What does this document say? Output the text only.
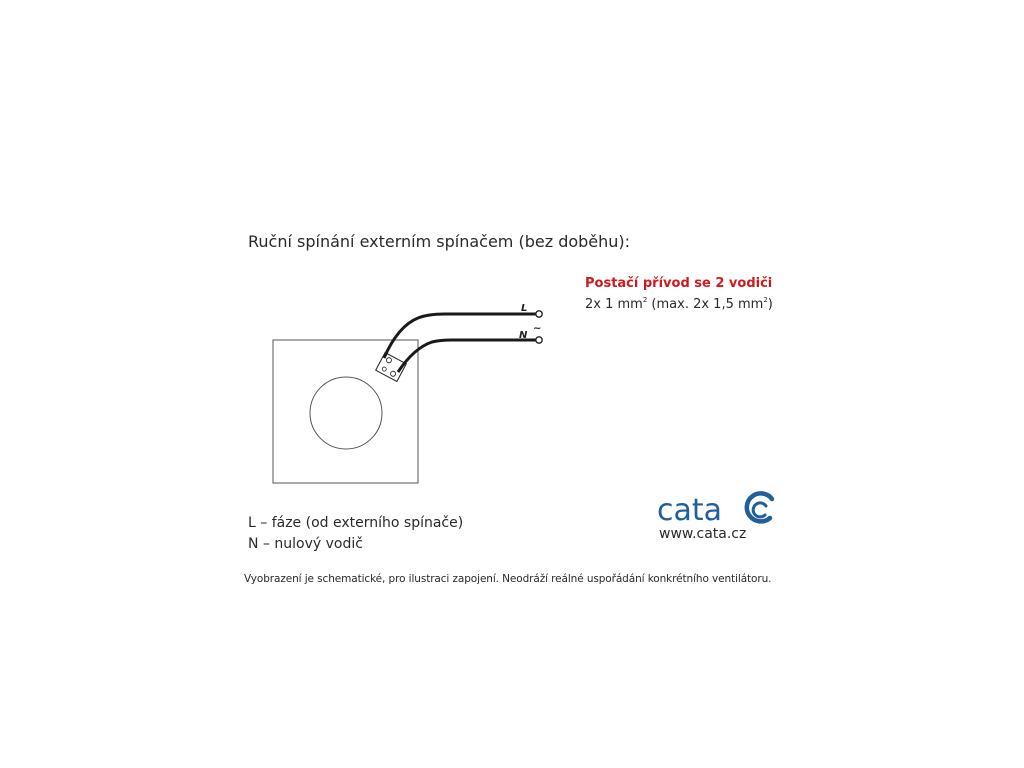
L
N
~
cata
Ruční spínání externím spínačem (bez doběhu):
Postačí přívod se 2 vodiči
2x 1 $mm^2$ (max. 2x 1,5 $mm^2$)
L – fáze (od externího spínače)
N – nulový vodič
www.cata.cz
Vyobrazení je schematické, pro ilustraci zapojení. Neodráží reálné uspořádání konkrétního ventilátoru.
